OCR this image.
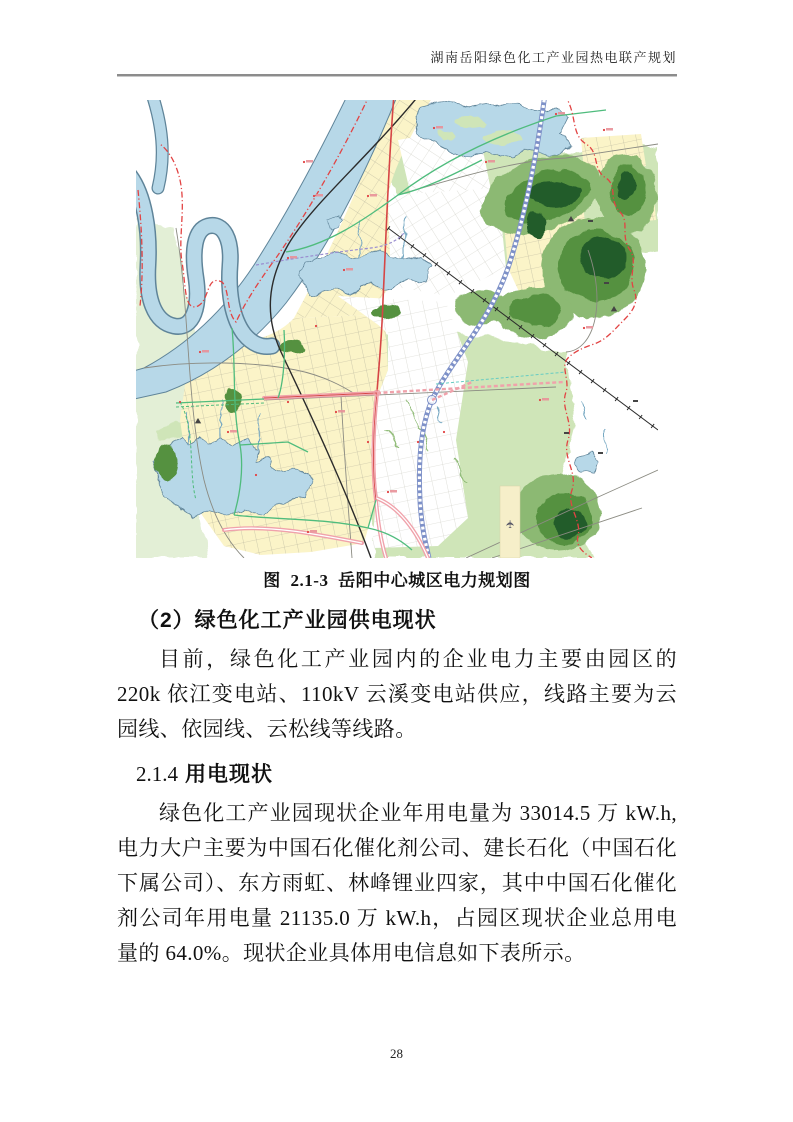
湖南岳阳绿色化工产业园热电联产规划
✈
图 2.1-3 岳阳中心城区电力规划图
（2）绿色化工产业园供电现状

目前，绿色化工产业园内的企业电力主要由园区的 220k 依江变电站、110kV 云溪变电站供应，线路主要为云园线、依园线、云松线等线路。

2.1.4 用电现状

绿色化工产业园现状企业年用电量为 33014.5 万 kW.h,电力大户主要为中国石化催化剂公司、建长石化（中国石化下属公司）、东方雨虹、林峰锂业四家，其中中国石化催化剂公司年用电量 21135.0 万 kW.h，占园区现状企业总用电量的 64.0%。现状企业具体用电信息如下表所示。

28
